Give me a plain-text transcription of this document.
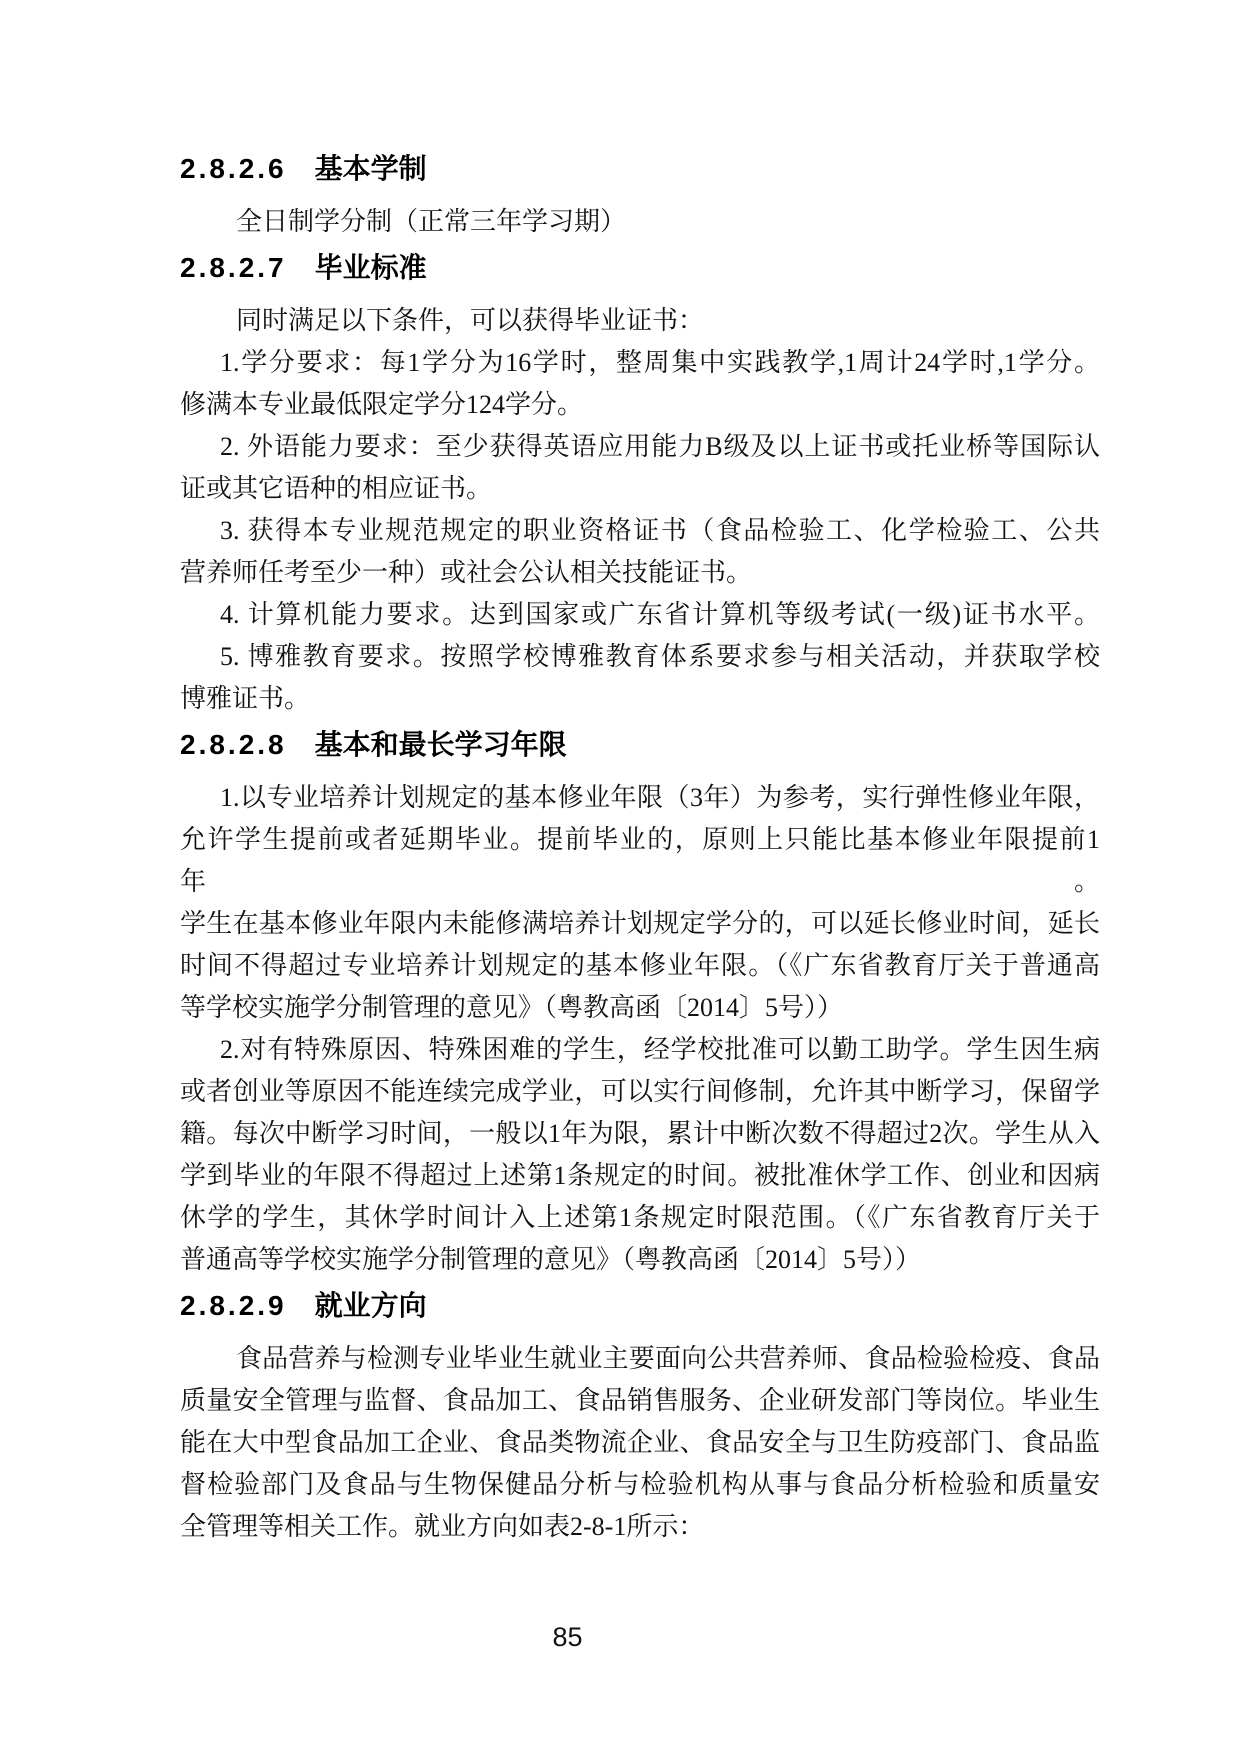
2.8.2.6 基本学制

全日制学分制（正常三年学习期）

2.8.2.7 毕业标准

同时满足以下条件，可以获得毕业证书：

1.学分要求：每1学分为16学时，整周集中实践教学,1周计24学时,1学分。

修满本专业最低限定学分124学分。

2. 外语能力要求：至少获得英语应用能力B级及以上证书或托业桥等国际认

证或其它语种的相应证书。

3. 获得本专业规范规定的职业资格证书（食品检验工、化学检验工、公共

营养师任考至少一种）或社会公认相关技能证书。

4. 计算机能力要求。达到国家或广东省计算机等级考试(一级)证书水平。

5. 博雅教育要求。按照学校博雅教育体系要求参与相关活动，并获取学校

博雅证书。

2.8.2.8 基本和最长学习年限

1.以专业培养计划规定的基本修业年限（3年）为参考，实行弹性修业年限，

允许学生提前或者延期毕业。提前毕业的，原则上只能比基本修业年限提前1年。

学生在基本修业年限内未能修满培养计划规定学分的，可以延长修业时间，延长

时间不得超过专业培养计划规定的基本修业年限。（《广东省教育厅关于普通高

等学校实施学分制管理的意见》（粤教高函〔2014〕5号））

2.对有特殊原因、特殊困难的学生，经学校批准可以勤工助学。学生因生病

或者创业等原因不能连续完成学业，可以实行间修制，允许其中断学习，保留学

籍。每次中断学习时间，一般以1年为限，累计中断次数不得超过2次。学生从入

学到毕业的年限不得超过上述第1条规定的时间。被批准休学工作、创业和因病

休学的学生，其休学时间计入上述第1条规定时限范围。（《广东省教育厅关于

普通高等学校实施学分制管理的意见》（粤教高函〔2014〕5号））

2.8.2.9 就业方向

食品营养与检测专业毕业生就业主要面向公共营养师、食品检验检疫、食品

质量安全管理与监督、食品加工、食品销售服务、企业研发部门等岗位。毕业生

能在大中型食品加工企业、食品类物流企业、食品安全与卫生防疫部门、食品监

督检验部门及食品与生物保健品分析与检验机构从事与食品分析检验和质量安

全管理等相关工作。就业方向如表2-8-1所示：

85
